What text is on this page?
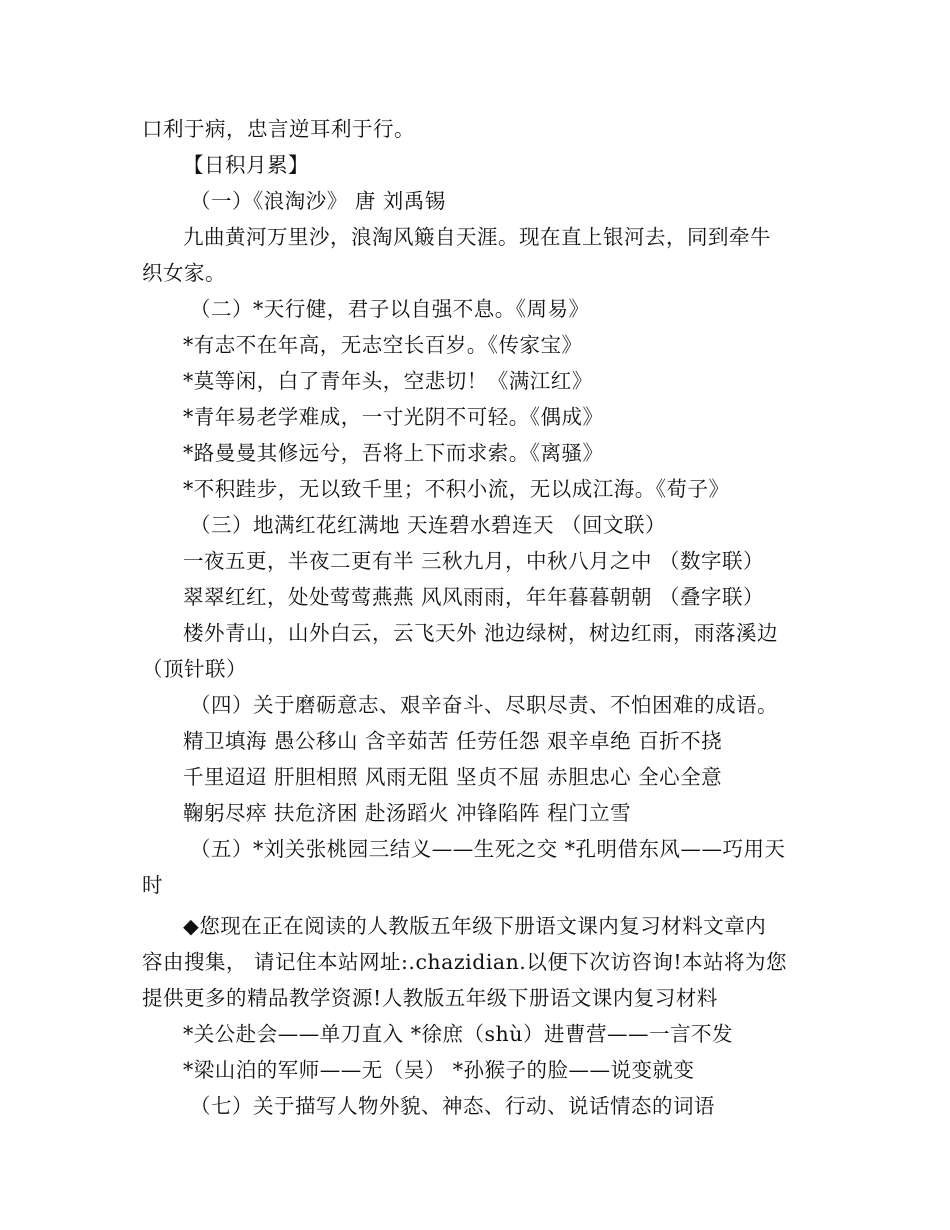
口利于病，忠言逆耳利于行。
【日积月累】
（一）《浪淘沙》 唐 刘禹锡
九曲黄河万里沙，浪淘风簸自天涯。现在直上银河去，同到牵牛
织女家。
（二）*天行健，君子以自强不息。《周易》
*有志不在年高，无志空长百岁。《传家宝》
*莫等闲，白了青年头，空悲切！《满江红》
*青年易老学难成，一寸光阴不可轻。《偶成》
*路曼曼其修远兮，吾将上下而求索。《离骚》
*不积跬步，无以致千里；不积小流，无以成江海。《荀子》
（三）地满红花红满地 天连碧水碧连天 （回文联）
一夜五更，半夜二更有半 三秋九月，中秋八月之中 （数字联）
翠翠红红，处处莺莺燕燕 风风雨雨，年年暮暮朝朝 （叠字联）
楼外青山，山外白云，云飞天外 池边绿树，树边红雨，雨落溪边
（顶针联）
（四）关于磨砺意志、艰辛奋斗、尽职尽责、不怕困难的成语。
精卫填海 愚公移山 含辛茹苦 任劳任怨 艰辛卓绝 百折不挠
千里迢迢 肝胆相照 风雨无阻 坚贞不屈 赤胆忠心 全心全意
鞠躬尽瘁 扶危济困 赴汤蹈火 冲锋陷阵 程门立雪
（五）*刘关张桃园三结义——生死之交 *孔明借东风——巧用天
时
◆您现在正在阅读的人教版五年级下册语文课内复习材料文章内
容由搜集， 请记住本站网址:.chazidian.以便下次访咨询!本站将为您
提供更多的精品教学资源!人教版五年级下册语文课内复习材料
*关公赴会——单刀直入 *徐庶（shù）进曹营——一言不发
*梁山泊的军师——无（吴） *孙猴子的脸——说变就变
（七）关于描写人物外貌、神态、行动、说话情态的词语
